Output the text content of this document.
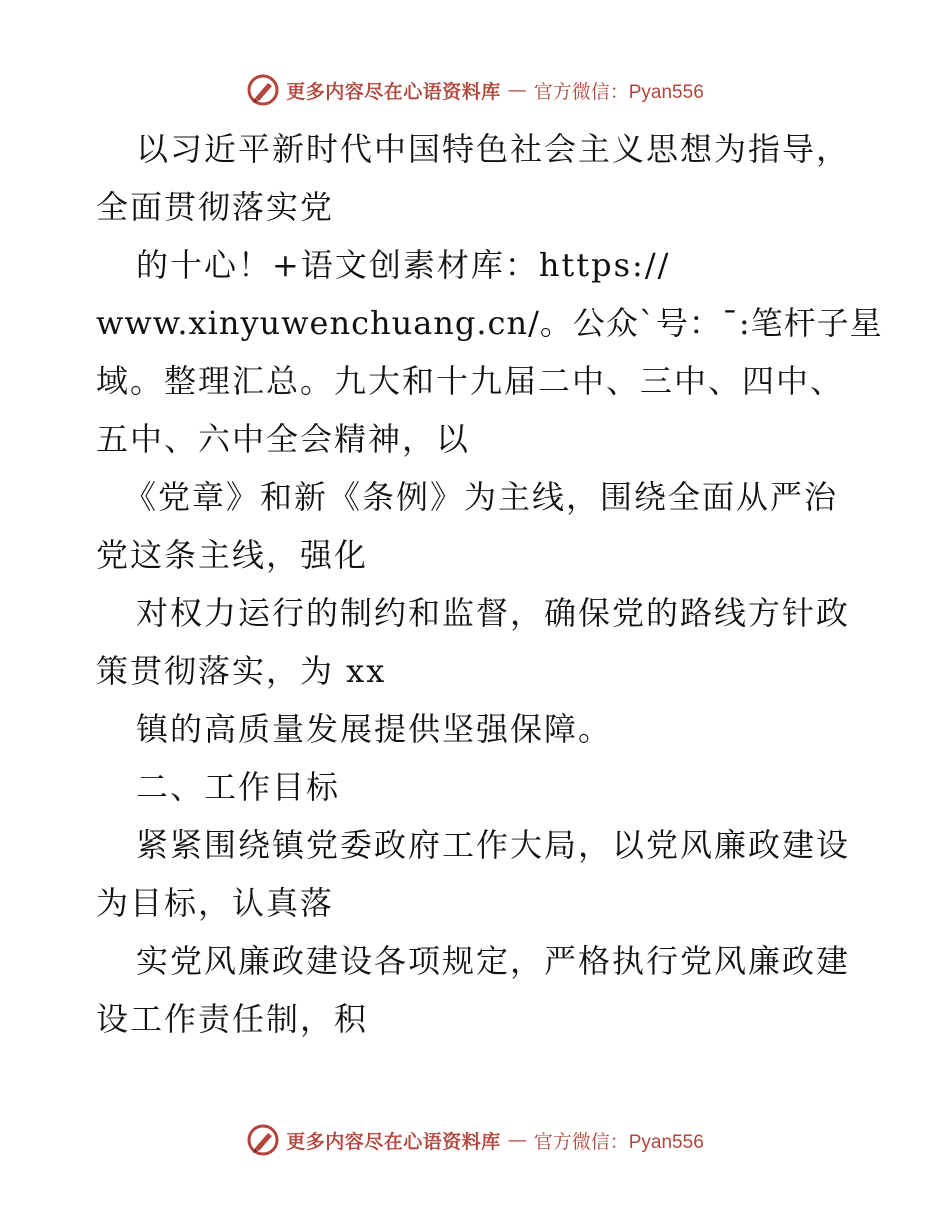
更多内容尽在心语资料库 — 官方微信：Pyan556
以习近平新时代中国特色社会主义思想为指导，
全面贯彻落实党
的十心！+语文创素材库：https://
www.xinyuwenchuang.cn/。公众`号：¯:笔杆子星
域。整理汇总。九大和十九届二中、三中、四中、
五中、六中全会精神，以
《党章》和新《条例》为主线，围绕全面从严治
党这条主线，强化
对权力运行的制约和监督，确保党的路线方针政
策贯彻落实，为 xx
镇的高质量发展提供坚强保障。
二、工作目标
紧紧围绕镇党委政府工作大局，以党风廉政建设
为目标，认真落
实党风廉政建设各项规定，严格执行党风廉政建
设工作责任制，积
更多内容尽在心语资料库 — 官方微信：Pyan556
